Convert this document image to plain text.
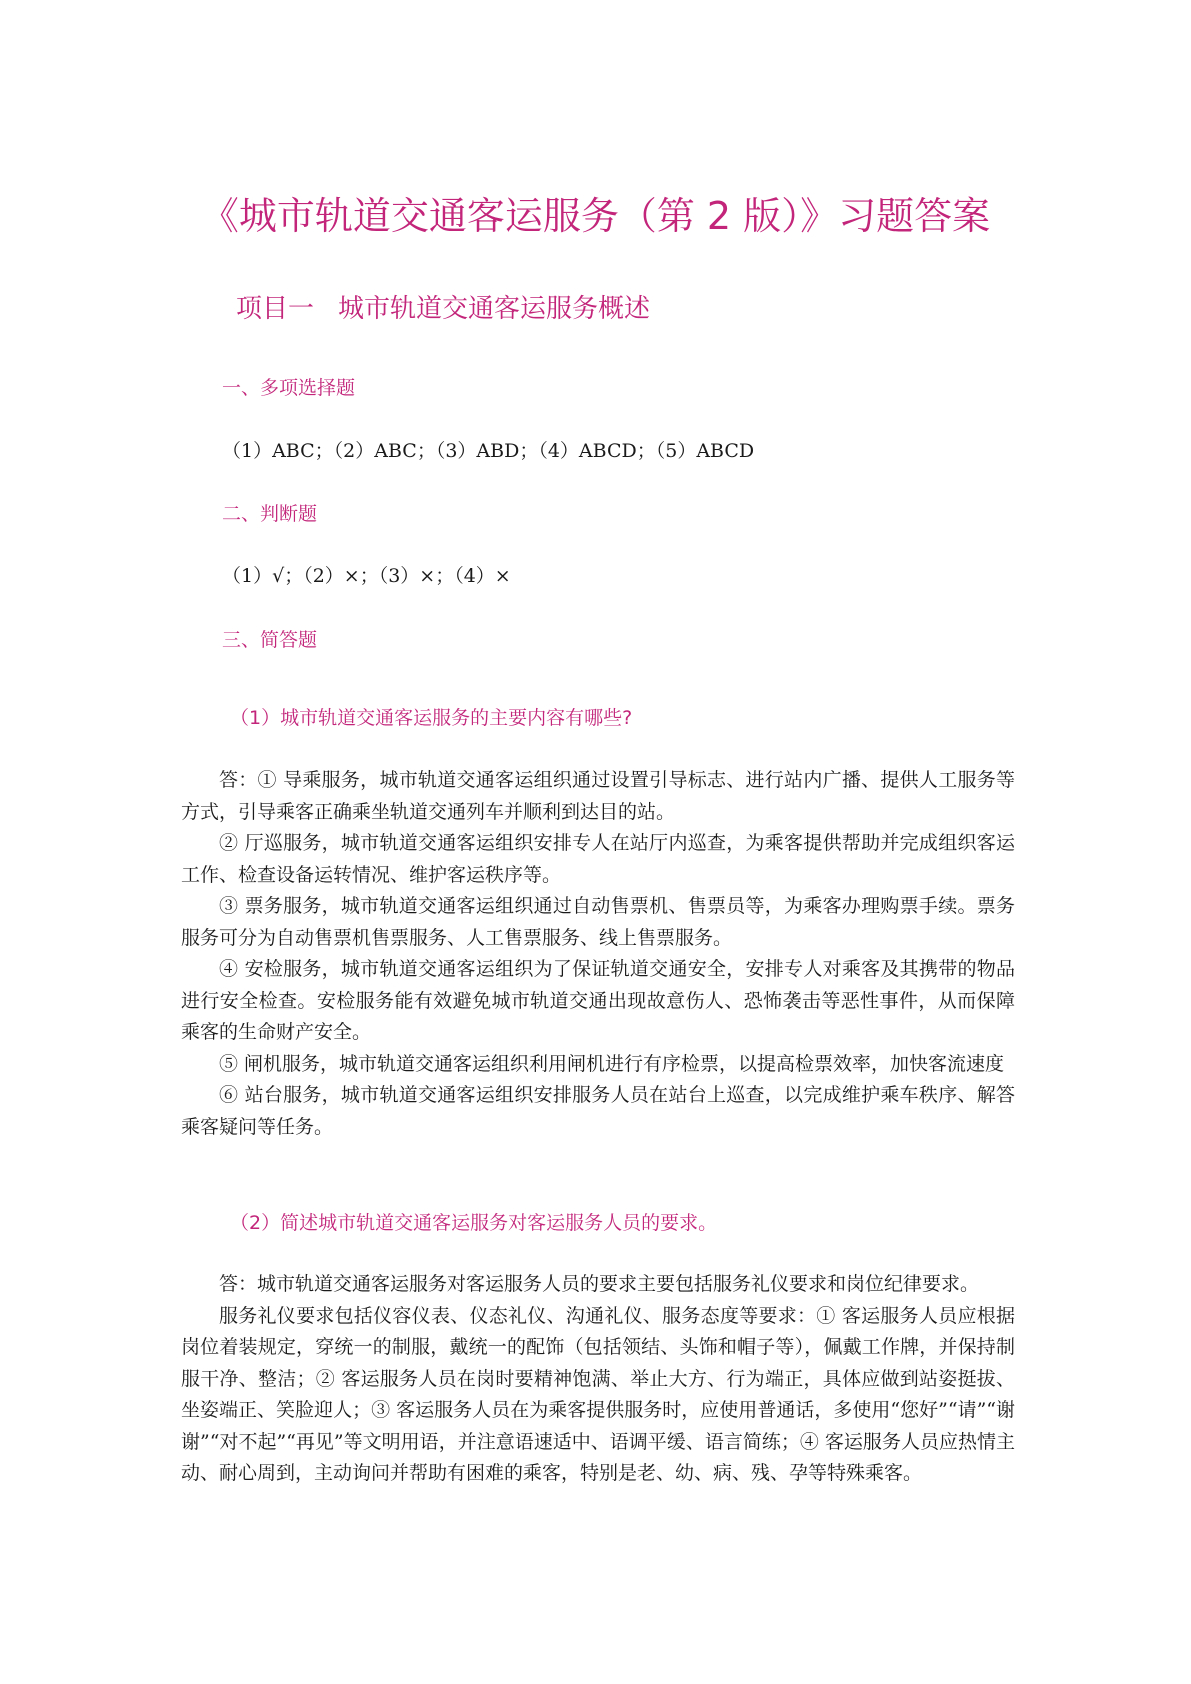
《城市轨道交通客运服务（第 2 版）》习题答案
项目一 城市轨道交通客运服务概述
一、多项选择题

（1）ABC；（2）ABC；（3）ABD；（4）ABCD；（5）ABCD

二、判断题

（1）√；（2）×；（3）×；（4）×

三、简答题
（1）城市轨道交通客运服务的主要内容有哪些?

答：① 导乘服务，城市轨道交通客运组织通过设置引导标志、进行站内广播、提供人工服务等方式，引导乘客正确乘坐轨道交通列车并顺利到达目的站。

② 厅巡服务，城市轨道交通客运组织安排专人在站厅内巡查，为乘客提供帮助并完成组织客运工作、检查设备运转情况、维护客运秩序等。

③ 票务服务，城市轨道交通客运组织通过自动售票机、售票员等，为乘客办理购票手续。票务服务可分为自动售票机售票服务、人工售票服务、线上售票服务。

④ 安检服务，城市轨道交通客运组织为了保证轨道交通安全，安排专人对乘客及其携带的物品进行安全检查。安检服务能有效避免城市轨道交通出现故意伤人、恐怖袭击等恶性事件，从而保障乘客的生命财产安全。

⑤ 闸机服务，城市轨道交通客运组织利用闸机进行有序检票，以提高检票效率，加快客流速度

⑥ 站台服务，城市轨道交通客运组织安排服务人员在站台上巡查，以完成维护乘车秩序、解答乘客疑问等任务。

（2）简述城市轨道交通客运服务对客运服务人员的要求。

答：城市轨道交通客运服务对客运服务人员的要求主要包括服务礼仪要求和岗位纪律要求。

服务礼仪要求包括仪容仪表、仪态礼仪、沟通礼仪、服务态度等要求：① 客运服务人员应根据岗位着装规定，穿统一的制服，戴统一的配饰（包括领结、头饰和帽子等），佩戴工作牌，并保持制服干净、整洁；② 客运服务人员在岗时要精神饱满、举止大方、行为端正，具体应做到站姿挺拔、坐姿端正、笑脸迎人；③ 客运服务人员在为乘客提供服务时，应使用普通话，多使用“您好”“请”“谢谢”“对不起”“再见”等文明用语，并注意语速适中、语调平缓、语言简练；④ 客运服务人员应热情主动、耐心周到，主动询问并帮助有困难的乘客，特别是老、幼、病、残、孕等特殊乘客。
